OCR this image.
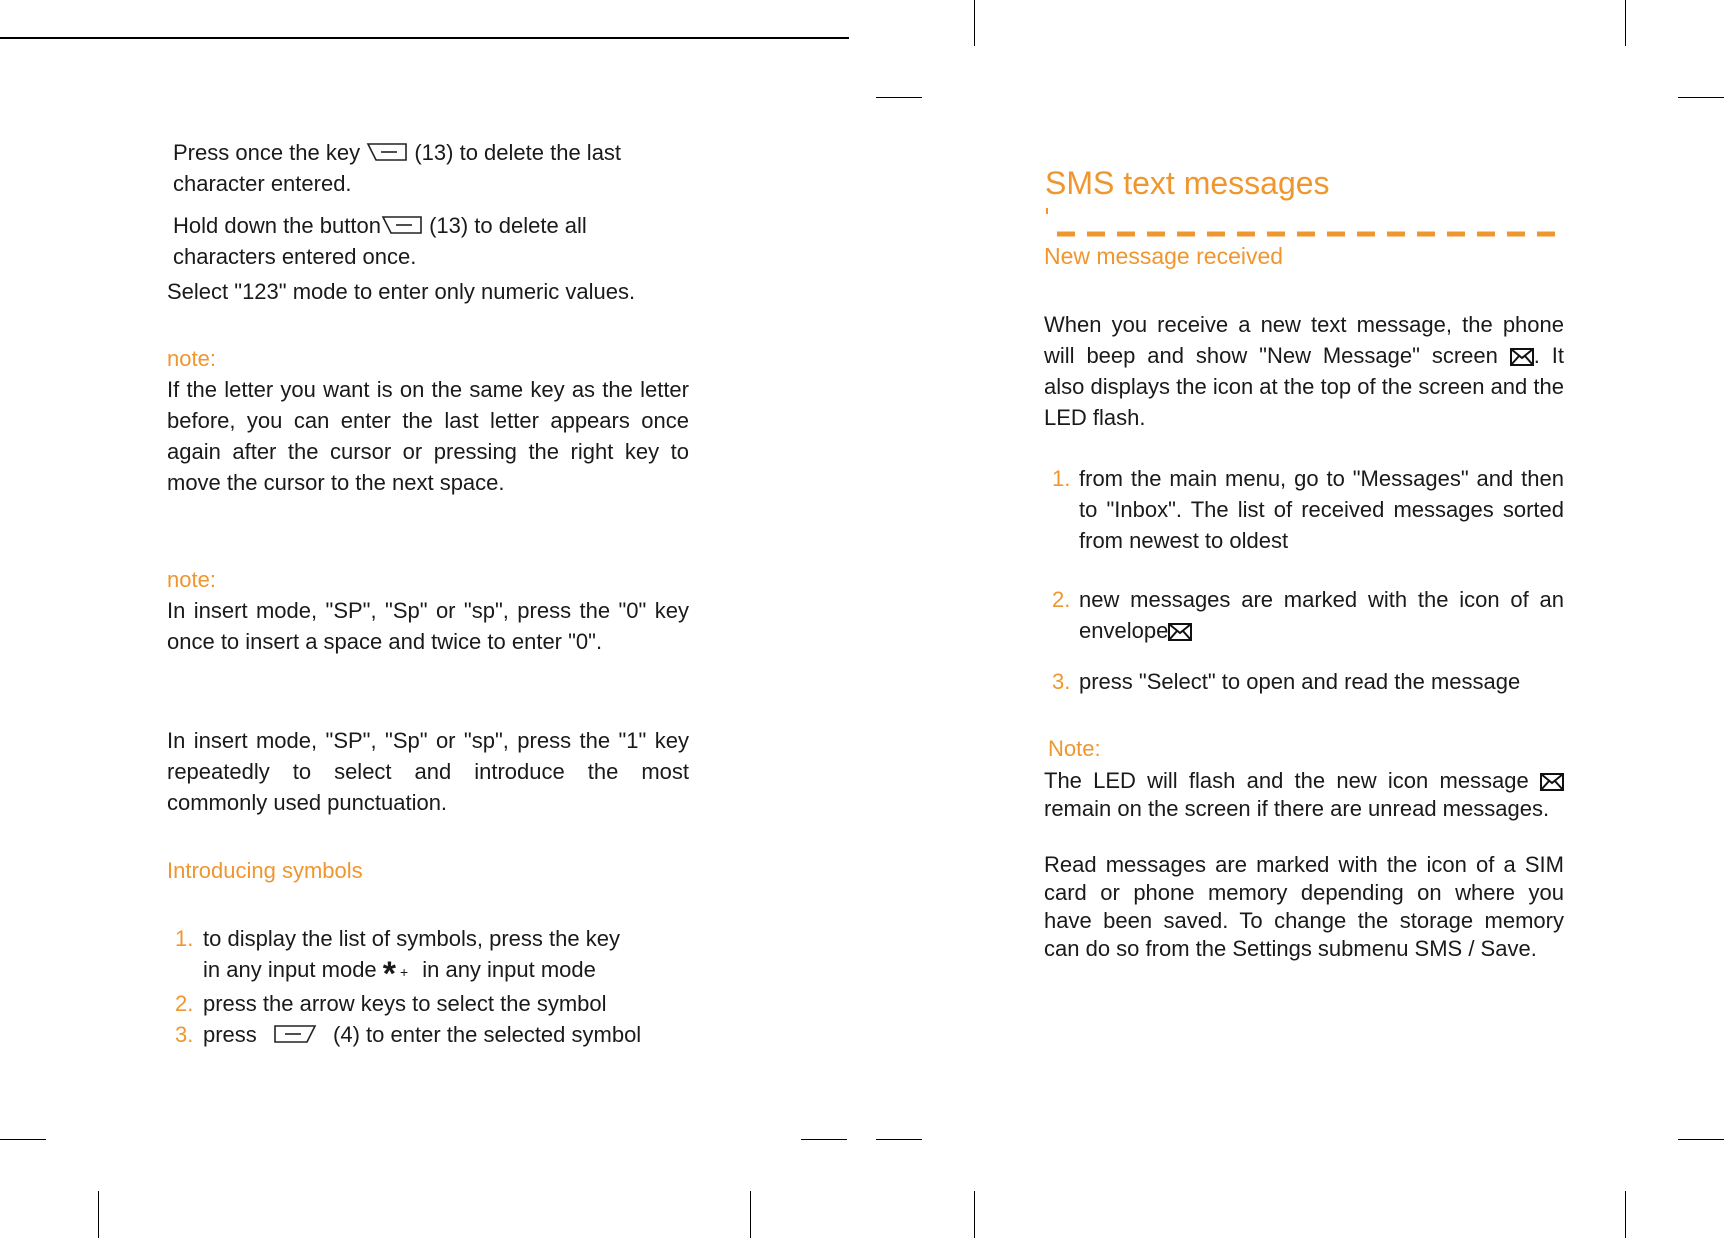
Press once the key (13) to delete the last
character entered.
Hold down the button (13) to delete all
characters entered once.
Select "123" mode to enter only numeric values.
note:
If the letter you want is on the same key as the letter before, you can enter the last letter appears once again after the cursor or pressing the right key to move the cursor to the next space.
note:
In insert mode, "SP", "Sp" or "sp", press the "0" key once to insert a space and twice to enter "0".
In insert mode, "SP", "Sp" or "sp", press the "1" key repeatedly to select and introduce the most commonly used punctuation.
Introducing symbols
1. to display the list of symbols, press the key
in any input mode * + in any input mode
2. press the arrow keys to select the symbol
3. press	(4) to enter the selected symbol
SMS text messages
New message received
When you receive a new text message, the phone will beep and show "New Message" screen . It also displays the icon at the top of the screen and the LED flash.
1. from the main menu, go to "Messages" and then to "Inbox". The list of received messages sorted from newest to oldest
2. new messages are marked with the icon of an envelope
3. press "Select" to open and read the message
Note:
The LED will flash and the new icon message remain on the screen if there are unread messages.
Read messages are marked with the icon of a SIM card or phone memory depending on where you have been saved. To change the storage memory can do so from the Settings submenu SMS / Save.
